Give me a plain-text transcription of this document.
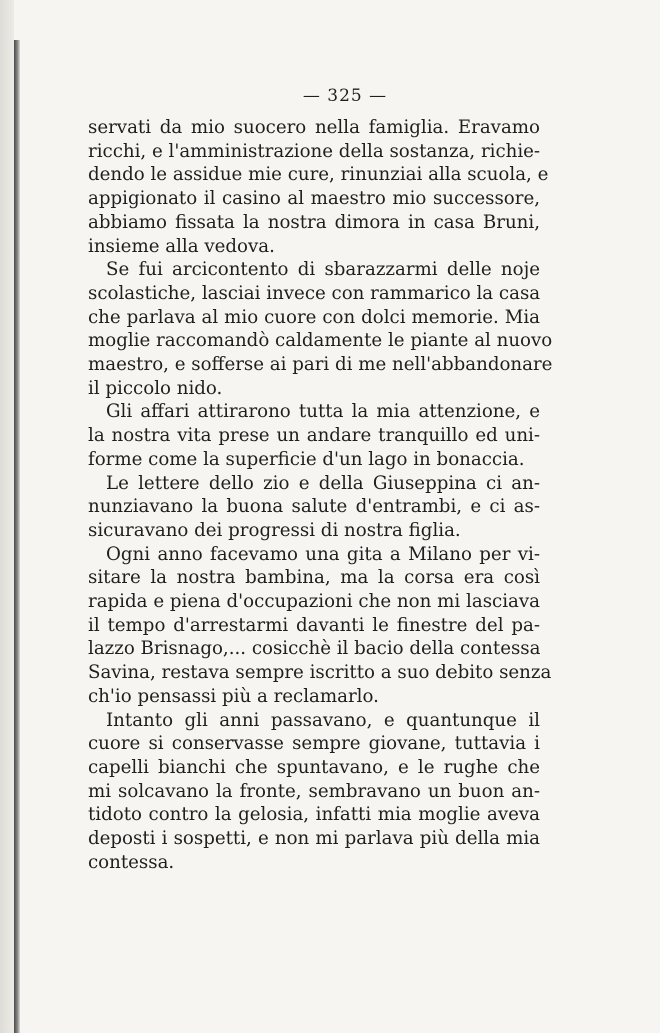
— 325 —
servati da mio suocero nella famiglia. Eravamo
ricchi, e l'amministrazione della sostanza, richie-
dendo le assidue mie cure, rinunziai alla scuola, e
appigionato il casino al maestro mio successore,
abbiamo fissata la nostra dimora in casa Bruni,
insieme alla vedova.
Se fui arcicontento di sbarazzarmi delle noje
scolastiche, lasciai invece con rammarico la casa
che parlava al mio cuore con dolci memorie. Mia
moglie raccomandò caldamente le piante al nuovo
maestro, e sofferse ai pari di me nell'abbandonare
il piccolo nido.
Gli affari attirarono tutta la mia attenzione, e
la nostra vita prese un andare tranquillo ed uni-
forme come la superficie d'un lago in bonaccia.
Le lettere dello zio e della Giuseppina ci an-
nunziavano la buona salute d'entrambi, e ci as-
sicuravano dei progressi di nostra figlia.
Ogni anno facevamo una gita a Milano per vi-
sitare la nostra bambina, ma la corsa era così
rapida e piena d'occupazioni che non mi lasciava
il tempo d'arrestarmi davanti le finestre del pa-
lazzo Brisnago,... cosicchè il bacio della contessa
Savina, restava sempre iscritto a suo debito senza
ch'io pensassi più a reclamarlo.
Intanto gli anni passavano, e quantunque il
cuore si conservasse sempre giovane, tuttavia i
capelli bianchi che spuntavano, e le rughe che
mi solcavano la fronte, sembravano un buon an-
tidoto contro la gelosia, infatti mia moglie aveva
deposti i sospetti, e non mi parlava più della mia
contessa.
